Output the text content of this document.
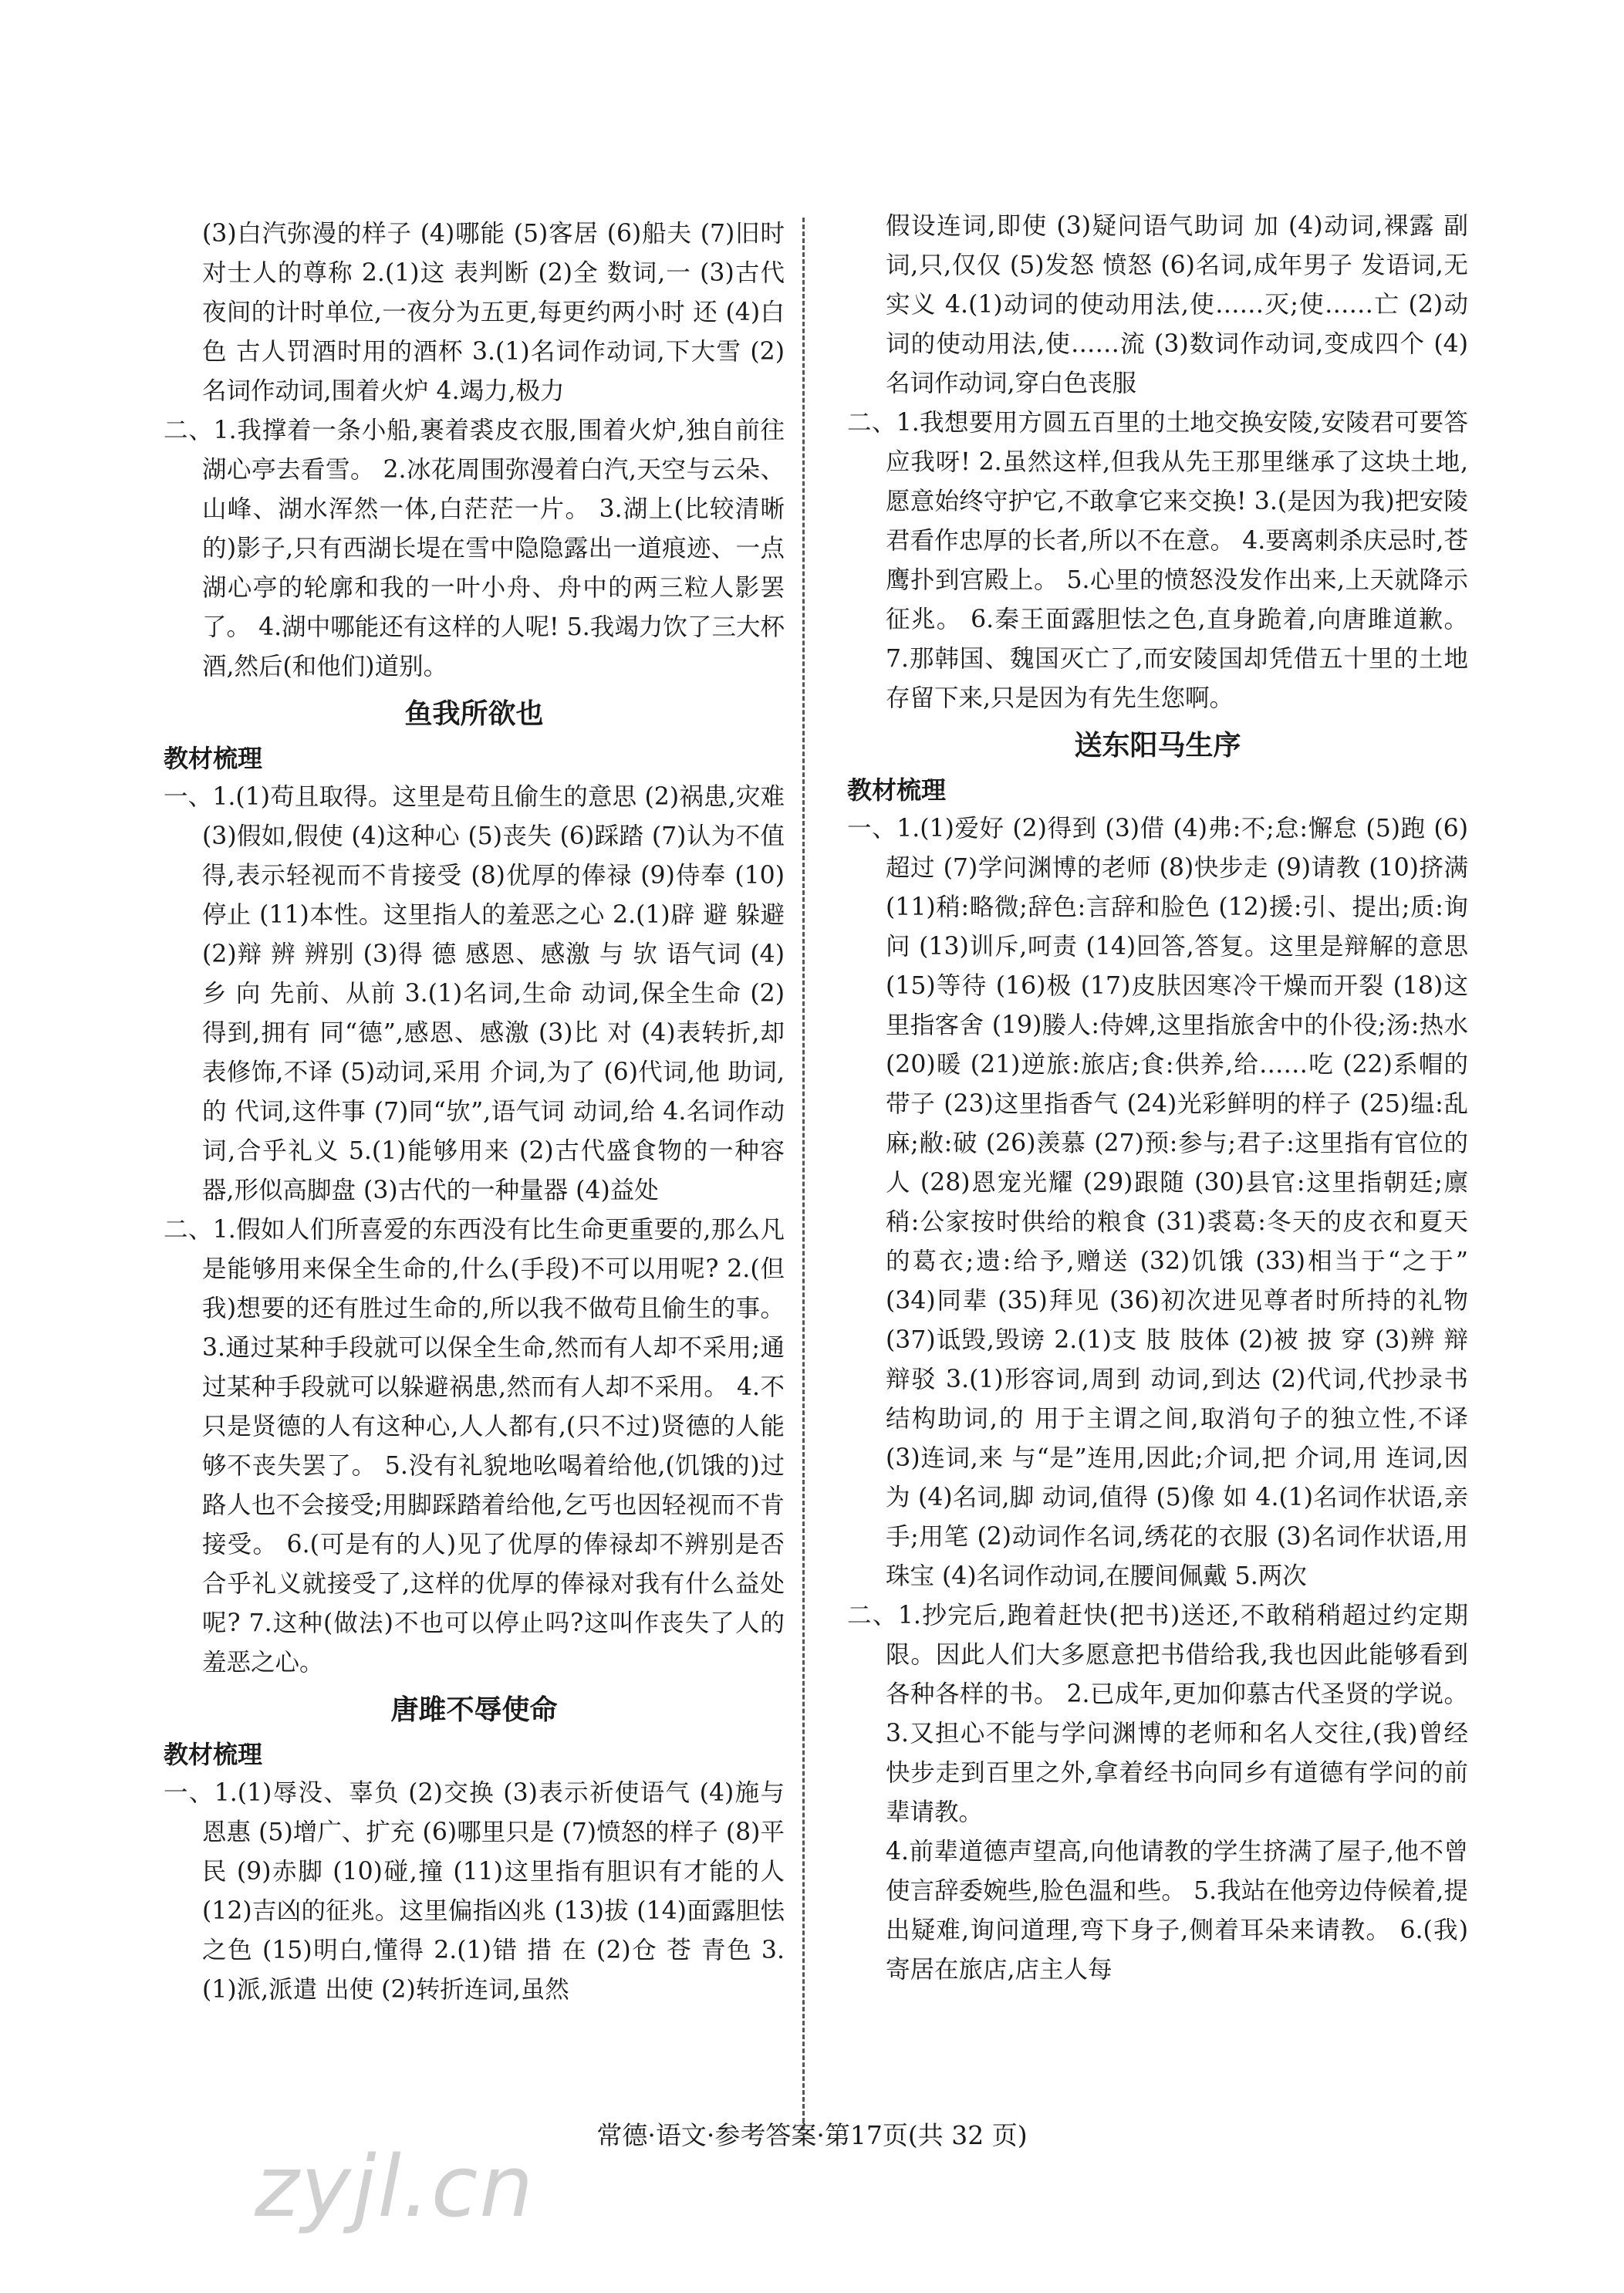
(3)白汽弥漫的样子 (4)哪能 (5)客居 (6)船夫 (7)旧时对士人的尊称 2.(1)这 表判断 (2)全 数词,一 (3)古代夜间的计时单位,一夜分为五更,每更约两小时 还 (4)白色 古人罚酒时用的酒杯 3.(1)名词作动词,下大雪 (2)名词作动词,围着火炉 4.竭力,极力

二、1.我撑着一条小船,裹着裘皮衣服,围着火炉,独自前往湖心亭去看雪。 2.冰花周围弥漫着白汽,天空与云朵、山峰、湖水浑然一体,白茫茫一片。 3.湖上(比较清晰的)影子,只有西湖长堤在雪中隐隐露出一道痕迹、一点湖心亭的轮廓和我的一叶小舟、舟中的两三粒人影罢了。 4.湖中哪能还有这样的人呢! 5.我竭力饮了三大杯酒,然后(和他们)道别。

鱼我所欲也
教材梳理

一、1.(1)苟且取得。这里是苟且偷生的意思 (2)祸患,灾难 (3)假如,假使 (4)这种心 (5)丧失 (6)踩踏 (7)认为不值得,表示轻视而不肯接受 (8)优厚的俸禄 (9)侍奉 (10)停止 (11)本性。这里指人的羞恶之心 2.(1)辟 避 躲避 (2)辩 辨 辨别 (3)得 德 感恩、感激 与 欤 语气词 (4)乡 向 先前、从前 3.(1)名词,生命 动词,保全生命 (2)得到,拥有 同“德”,感恩、感激 (3)比 对 (4)表转折,却 表修饰,不译 (5)动词,采用 介词,为了 (6)代词,他 助词,的 代词,这件事 (7)同“欤”,语气词 动词,给 4.名词作动词,合乎礼义 5.(1)能够用来 (2)古代盛食物的一种容器,形似高脚盘 (3)古代的一种量器 (4)益处

二、1.假如人们所喜爱的东西没有比生命更重要的,那么凡是能够用来保全生命的,什么(手段)不可以用呢? 2.(但我)想要的还有胜过生命的,所以我不做苟且偷生的事。 3.通过某种手段就可以保全生命,然而有人却不采用;通过某种手段就可以躲避祸患,然而有人却不采用。 4.不只是贤德的人有这种心,人人都有,(只不过)贤德的人能够不丧失罢了。 5.没有礼貌地吆喝着给他,(饥饿的)过路人也不会接受;用脚踩踏着给他,乞丐也因轻视而不肯接受。 6.(可是有的人)见了优厚的俸禄却不辨别是否合乎礼义就接受了,这样的优厚的俸禄对我有什么益处呢? 7.这种(做法)不也可以停止吗?这叫作丧失了人的羞恶之心。

唐雎不辱使命
教材梳理

一、1.(1)辱没、辜负 (2)交换 (3)表示祈使语气 (4)施与恩惠 (5)增广、扩充 (6)哪里只是 (7)愤怒的样子 (8)平民 (9)赤脚 (10)碰,撞 (11)这里指有胆识有才能的人 (12)吉凶的征兆。这里偏指凶兆 (13)拔 (14)面露胆怯之色 (15)明白,懂得 2.(1)错 措 在 (2)仓 苍 青色 3.(1)派,派遣 出使 (2)转折连词,虽然

假设连词,即使 (3)疑问语气助词 加 (4)动词,裸露 副词,只,仅仅 (5)发怒 愤怒 (6)名词,成年男子 发语词,无实义 4.(1)动词的使动用法,使……灭;使……亡 (2)动词的使动用法,使……流 (3)数词作动词,变成四个 (4)名词作动词,穿白色丧服

二、1.我想要用方圆五百里的土地交换安陵,安陵君可要答应我呀! 2.虽然这样,但我从先王那里继承了这块土地,愿意始终守护它,不敢拿它来交换! 3.(是因为我)把安陵君看作忠厚的长者,所以不在意。 4.要离刺杀庆忌时,苍鹰扑到宫殿上。 5.心里的愤怒没发作出来,上天就降示征兆。 6.秦王面露胆怯之色,直身跪着,向唐雎道歉。 7.那韩国、魏国灭亡了,而安陵国却凭借五十里的土地存留下来,只是因为有先生您啊。

送东阳马生序
教材梳理

一、1.(1)爱好 (2)得到 (3)借 (4)弗:不;怠:懈怠 (5)跑 (6)超过 (7)学问渊博的老师 (8)快步走 (9)请教 (10)挤满 (11)稍:略微;辞色:言辞和脸色 (12)援:引、提出;质:询问 (13)训斥,呵责 (14)回答,答复。这里是辩解的意思 (15)等待 (16)极 (17)皮肤因寒冷干燥而开裂 (18)这里指客舍 (19)媵人:侍婢,这里指旅舍中的仆役;汤:热水 (20)暖 (21)逆旅:旅店;食:供养,给……吃 (22)系帽的带子 (23)这里指香气 (24)光彩鲜明的样子 (25)缊:乱麻;敝:破 (26)羡慕 (27)预:参与;君子:这里指有官位的人 (28)恩宠光耀 (29)跟随 (30)县官:这里指朝廷;廪稍:公家按时供给的粮食 (31)裘葛:冬天的皮衣和夏天的葛衣;遗:给予,赠送 (32)饥饿 (33)相当于“之于” (34)同辈 (35)拜见 (36)初次进见尊者时所持的礼物 (37)诋毁,毁谤 2.(1)支 肢 肢体 (2)被 披 穿 (3)辨 辩 辩驳 3.(1)形容词,周到 动词,到达 (2)代词,代抄录书 结构助词,的 用于主谓之间,取消句子的独立性,不译 (3)连词,来 与“是”连用,因此;介词,把 介词,用 连词,因为 (4)名词,脚 动词,值得 (5)像 如 4.(1)名词作状语,亲手;用笔 (2)动词作名词,绣花的衣服 (3)名词作状语,用珠宝 (4)名词作动词,在腰间佩戴 5.两次

二、1.抄完后,跑着赶快(把书)送还,不敢稍稍超过约定期限。因此人们大多愿意把书借给我,我也因此能够看到各种各样的书。 2.已成年,更加仰慕古代圣贤的学说。 3.又担心不能与学问渊博的老师和名人交往,(我)曾经快步走到百里之外,拿着经书向同乡有道德有学问的前辈请教。

4.前辈道德声望高,向他请教的学生挤满了屋子,他不曾使言辞委婉些,脸色温和些。 5.我站在他旁边侍候着,提出疑难,询问道理,弯下身子,侧着耳朵来请教。 6.(我)寄居在旅店,店主人每

常德·语文·参考答案·第17页(共 32 页)
zyjl.cn
